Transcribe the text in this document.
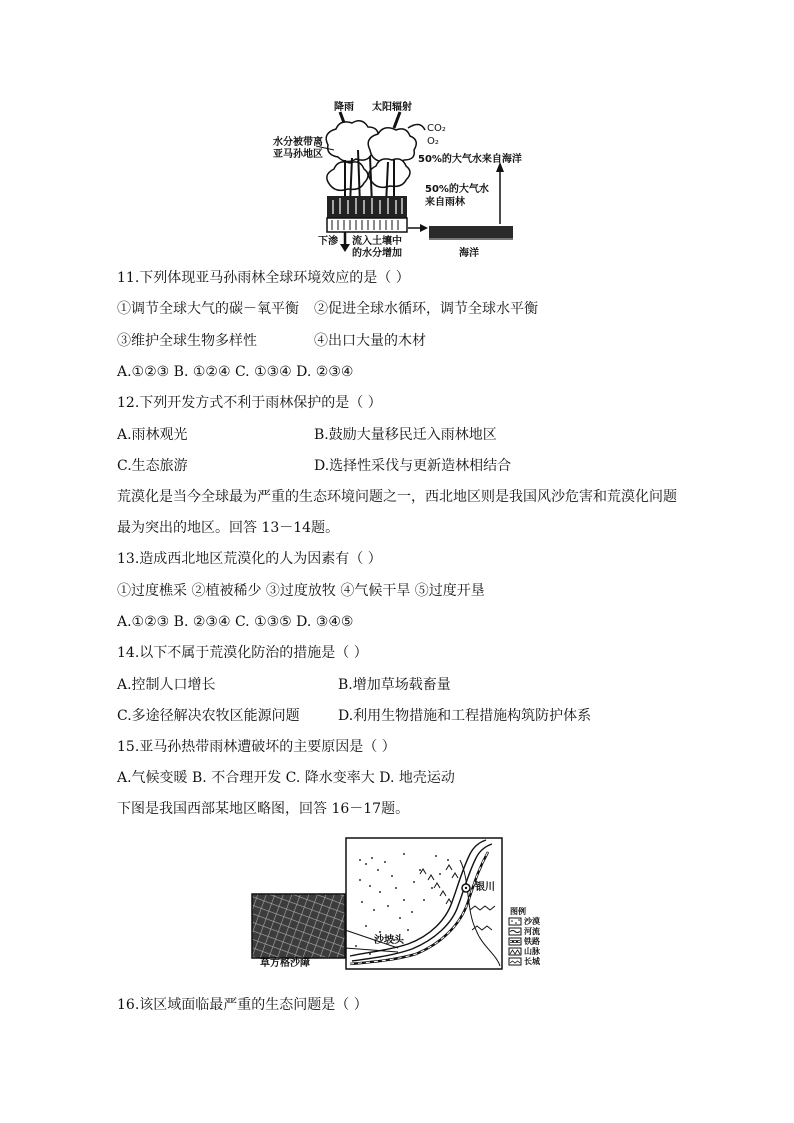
降雨 太阳辐射
CO₂
O₂
水分被带离
亚马孙地区	50%的大气水来自海洋
50%的大气水
来自雨林
下渗 流入土壤中
的水分增加	海洋
11.下列体现亚马孙雨林全球环境效应的是（ ）
①调节全球大气的碳－氧平衡 ②促进全球水循环，调节全球水平衡
③维护全球生物多样性	④出口大量的木材
A.①②③ B. ①②④ C. ①③④ D. ②③④
12.下列开发方式不利于雨林保护的是（ ）
A.雨林观光	B.鼓励大量移民迁入雨林地区
C.生态旅游	D.选择性采伐与更新造林相结合
荒漠化是当今全球最为严重的生态环境问题之一，西北地区则是我国风沙危害和荒漠化问题
最为突出的地区。回答 13－14题。
13.造成西北地区荒漠化的人为因素有（ ）
①过度樵采 ②植被稀少 ③过度放牧 ④气候干旱 ⑤过度开垦
A.①②③ B. ②③④ C. ①③⑤ D. ③④⑤
14.以下不属于荒漠化防治的措施是（ ）
A.控制人口增长	B.增加草场载畜量
C.多途径解决农牧区能源问题	D.利用生物措施和工程措施构筑防护体系
15.亚马孙热带雨林遭破坏的主要原因是（ ）
A.气候变暖 B. 不合理开发 C. 降水变率大 D. 地壳运动
下图是我国西部某地区略图，回答 16－17题。
草方格沙障
沙坡头
银川
图例
沙漠
河流
铁路
山脉
长城
16.该区域面临最严重的生态问题是（ ）
